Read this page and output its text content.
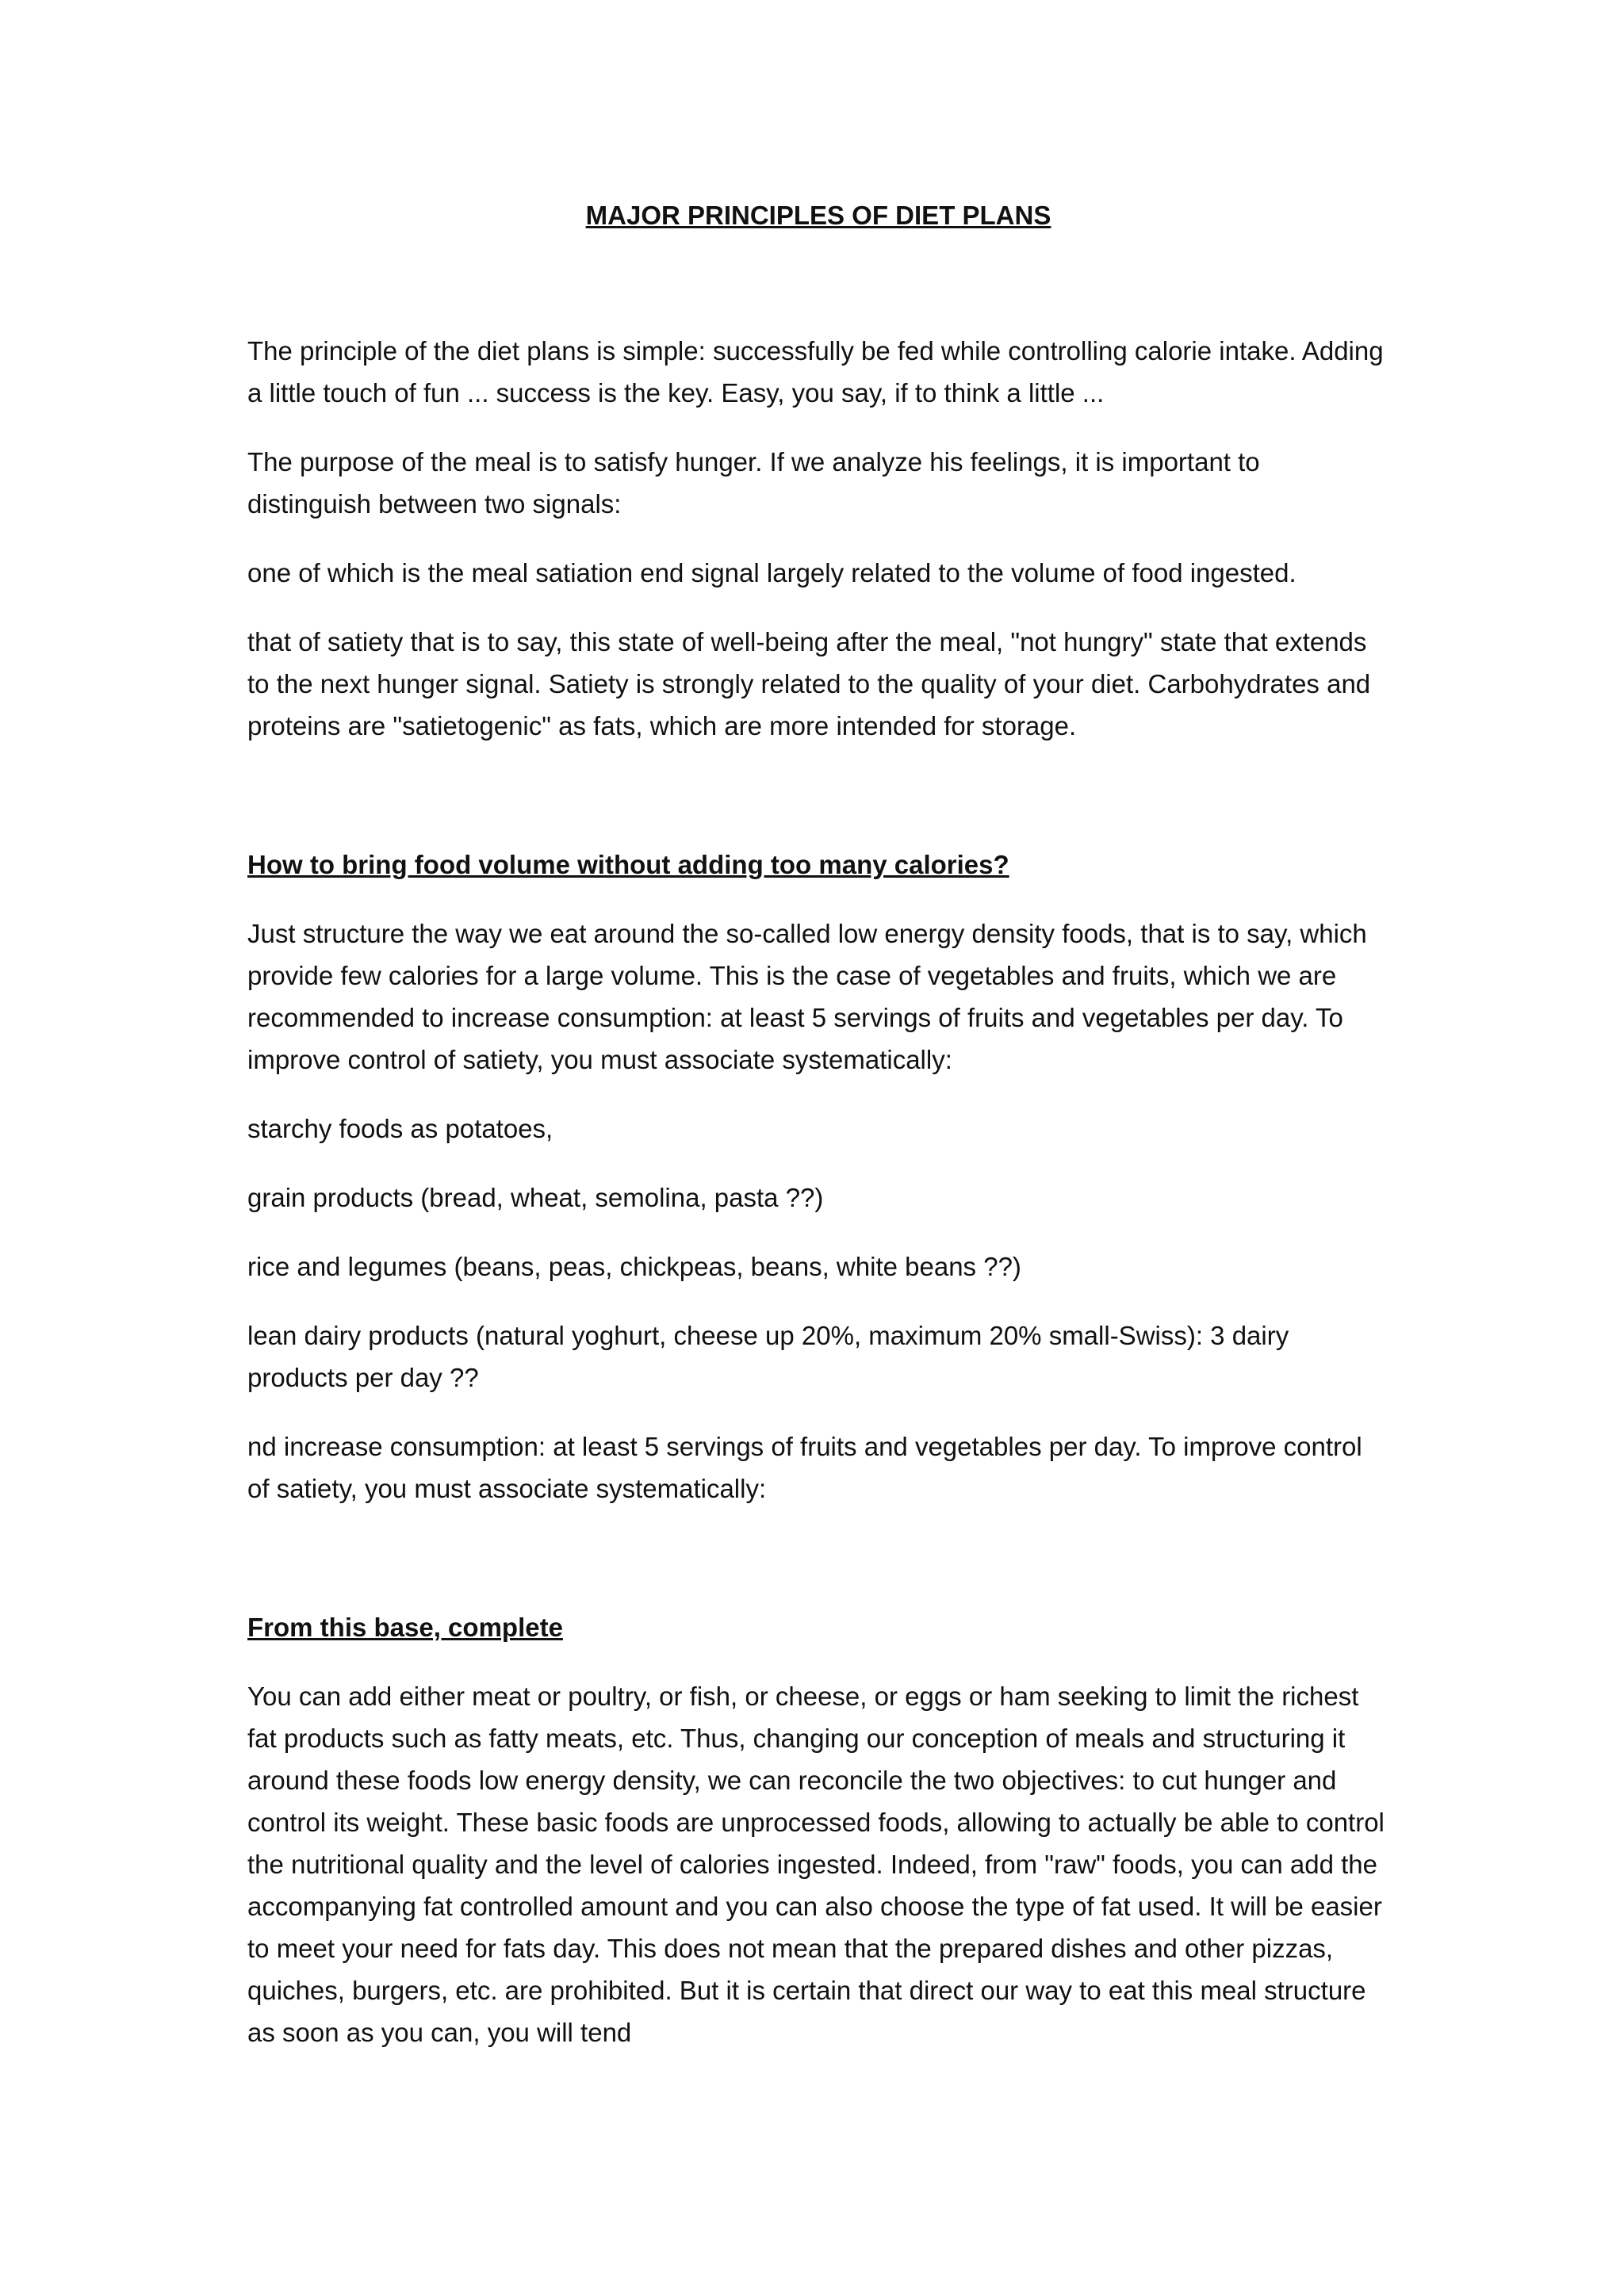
MAJOR PRINCIPLES OF DIET PLANS

The principle of the diet plans is simple: successfully be fed while controlling calorie intake. Adding a little touch of fun ... success is the key. Easy, you say, if to think a little ...

The purpose of the meal is to satisfy hunger. If we analyze his feelings, it is important to distinguish between two signals:

one of which is the meal satiation end signal largely related to the volume of food ingested.

that of satiety that is to say, this state of well-being after the meal, "not hungry" state that extends to the next hunger signal. Satiety is strongly related to the quality of your diet. Carbohydrates and proteins are "satietogenic" as fats, which are more intended for storage.

How to bring food volume without adding too many calories?

Just structure the way we eat around the so-called low energy density foods, that is to say, which provide few calories for a large volume. This is the case of vegetables and fruits, which we are recommended to increase consumption: at least 5 servings of fruits and vegetables per day. To improve control of satiety, you must associate systematically:

starchy foods as potatoes,

grain products (bread, wheat, semolina, pasta ??)

rice and legumes (beans, peas, chickpeas, beans, white beans ??)

lean dairy products (natural yoghurt, cheese up 20%, maximum 20% small-Swiss): 3 dairy products per day ??

nd increase consumption: at least 5 servings of fruits and vegetables per day. To improve control of satiety, you must associate systematically:

From this base, complete

You can add either meat or poultry, or fish, or cheese, or eggs or ham seeking to limit the richest fat products such as fatty meats, etc. Thus, changing our conception of meals and structuring it around these foods low energy density, we can reconcile the two objectives: to cut hunger and control its weight. These basic foods are unprocessed foods, allowing to actually be able to control the nutritional quality and the level of calories ingested. Indeed, from "raw" foods, you can add the accompanying fat controlled amount and you can also choose the type of fat used. It will be easier to meet your need for fats day. This does not mean that the prepared dishes and other pizzas, quiches, burgers, etc. are prohibited. But it is certain that direct our way to eat this meal structure as soon as you can, you will tend
